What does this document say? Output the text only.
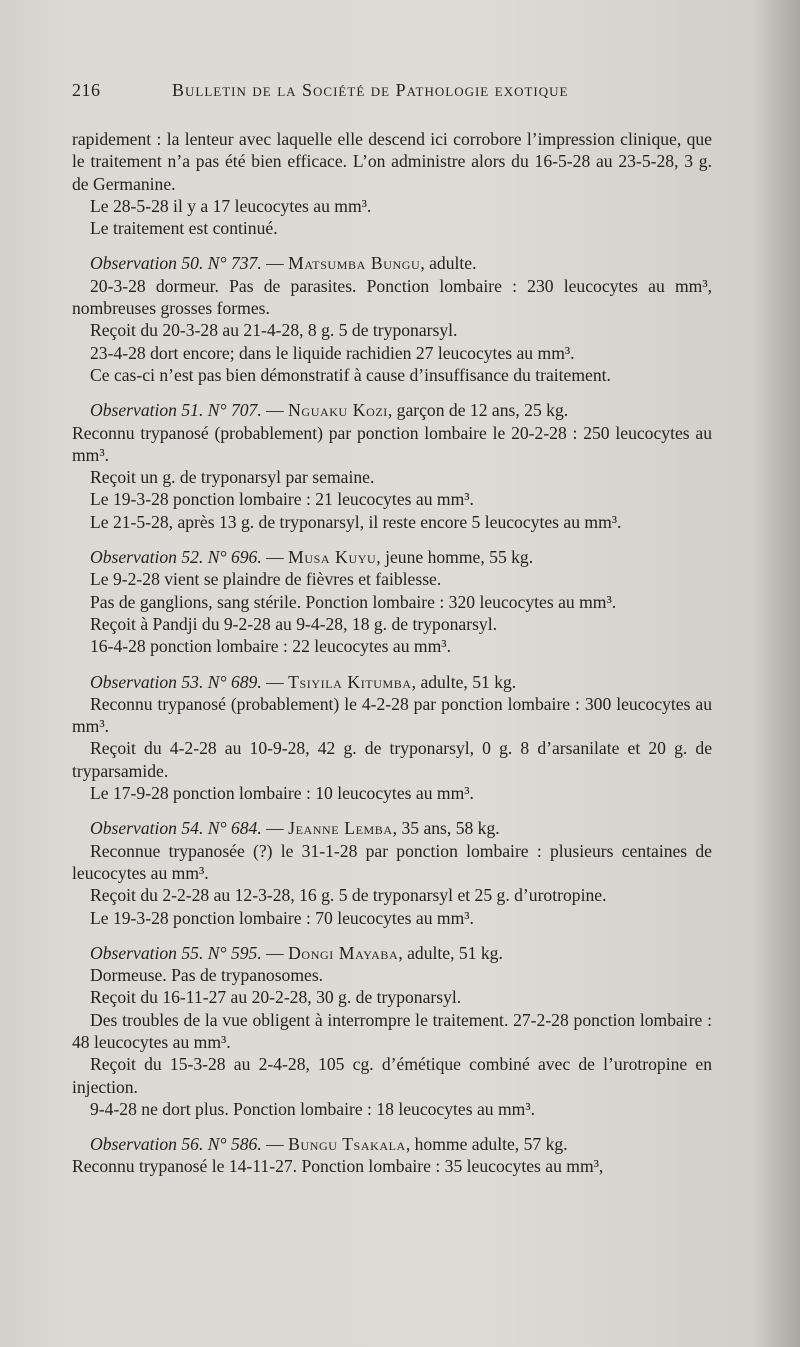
216	Bulletin de la Société de Pathologie exotique

rapidement : la lenteur avec laquelle elle descend ici corrobore l’impression clinique, que le traitement n’a pas été bien efficace. L’on administre alors du 16-5-28 au 23-5-28, 3 g. de Germanine.

Le 28-5-28 il y a 17 leucocytes au mm³.

Le traitement est continué.

Observation 50. N° 737. — Matsumba Bungu, adulte.

20-3-28 dormeur. Pas de parasites. Ponction lombaire : 230 leucocytes au mm³, nombreuses grosses formes.

Reçoit du 20-3-28 au 21-4-28, 8 g. 5 de tryponarsyl.

23-4-28 dort encore; dans le liquide rachidien 27 leucocytes au mm³.

Ce cas-ci n’est pas bien démonstratif à cause d’insuffisance du traitement.

Observation 51. N° 707. — Nguaku Kozi, garçon de 12 ans, 25 kg.

Reconnu trypanosé (probablement) par ponction lombaire le 20-2-28 : 250 leucocytes au mm³.

Reçoit un g. de tryponarsyl par semaine.

Le 19-3-28 ponction lombaire : 21 leucocytes au mm³.

Le 21-5-28, après 13 g. de tryponarsyl, il reste encore 5 leucocytes au mm³.

Observation 52. N° 696. — Musa Kuyu, jeune homme, 55 kg.

Le 9-2-28 vient se plaindre de fièvres et faiblesse.

Pas de ganglions, sang stérile. Ponction lombaire : 320 leucocytes au mm³.

Reçoit à Pandji du 9-2-28 au 9-4-28, 18 g. de tryponarsyl.

16-4-28 ponction lombaire : 22 leucocytes au mm³.

Observation 53. N° 689. — Tsiyila Kitumba, adulte, 51 kg.

Reconnu trypanosé (probablement) le 4-2-28 par ponction lombaire : 300 leucocytes au mm³.

Reçoit du 4-2-28 au 10-9-28, 42 g. de tryponarsyl, 0 g. 8 d’arsanilate et 20 g. de tryparsamide.

Le 17-9-28 ponction lombaire : 10 leucocytes au mm³.

Observation 54. N° 684. — Jeanne Lemba, 35 ans, 58 kg.

Reconnue trypanosée (?) le 31-1-28 par ponction lombaire : plusieurs centaines de leucocytes au mm³.

Reçoit du 2-2-28 au 12-3-28, 16 g. 5 de tryponarsyl et 25 g. d’urotropine.

Le 19-3-28 ponction lombaire : 70 leucocytes au mm³.

Observation 55. N° 595. — Dongi Mayaba, adulte, 51 kg.

Dormeuse. Pas de trypanosomes.

Reçoit du 16-11-27 au 20-2-28, 30 g. de tryponarsyl.

Des troubles de la vue obligent à interrompre le traitement. 27-2-28 ponction lombaire : 48 leucocytes au mm³.

Reçoit du 15-3-28 au 2-4-28, 105 cg. d’émétique combiné avec de l’urotropine en injection.

9-4-28 ne dort plus. Ponction lombaire : 18 leucocytes au mm³.

Observation 56. N° 586. — Bungu Tsakala, homme adulte, 57 kg.

Reconnu trypanosé le 14-11-27. Ponction lombaire : 35 leucocytes au mm³,
